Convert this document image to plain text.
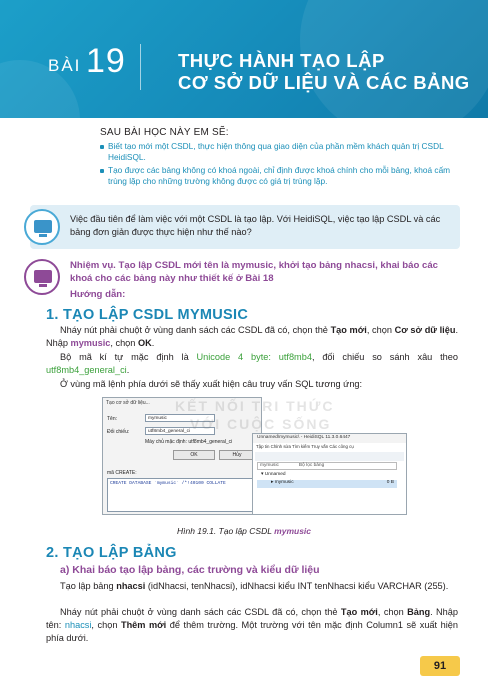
BÀI 19	THỰC HÀNH TẠO LẬP
CƠ SỞ DỮ LIỆU VÀ CÁC BẢNG
SAU BÀI HỌC NÀY EM SẼ:
Biết tạo mới một CSDL, thực hiện thông qua giao diện của phần mềm khách quản trị CSDL HeidiSQL.
Tạo được các bảng không có khoá ngoài, chỉ định được khoá chính cho mỗi bảng, khoá cấm trùng lặp cho những trường không được có giá trị trùng lặp.
Việc đầu tiên để làm việc với một CSDL là tạo lập. Với HeidiSQL, việc tạo lập CSDL và các bảng đơn giản được thực hiện như thế nào?
Nhiệm vụ. Tạo lập CSDL mới tên là mymusic, khởi tạo bảng nhacsi, khai báo các khoá cho các bảng này như thiết kế ở Bài 18
Hướng dẫn:
1. TẠO LẬP CSDL MYMUSIC
Nháy nút phải chuột ở vùng danh sách các CSDL đã có, chọn thẻ Tạo mới, chọn Cơ sở dữ liệu. Nhập mymusic, chọn OK.
Bộ mã kí tự mặc định là Unicode 4 byte: utf8mb4, đối chiếu so sánh xâu theo utf8mb4_general_ci.
Ở vùng mã lệnh phía dưới sẽ thấy xuất hiện câu truy vấn SQL tương ứng:
Tạo cơ sở dữ liệu...
Tên:	mymusic
Đối chiếu:	utf8mb4_general_ci
Máy chủ mặc định: utf8mb4_general_ci
OK	Hủy
mã CREATE:
CREATE DATABASE `mymusic` /*!40100 COLLATE
Unnamed\mymusic\ - HeidiSQL 11.3.0.6447
Tập tin Chỉnh sửa Tìm kiếm Truy vấn Các công cụ
mymusic	Bộ lọc bảng
▾ Unnamed
▸ mymusic	0 B
KẾT NỐI TRI THỨC
VỚI CUỘC SỐNG
Hình 19.1. Tạo lập CSDL mymusic
2. TẠO LẬP BẢNG
a) Khai báo tạo lập bảng, các trường và kiểu dữ liệu
Tạo lập bảng nhacsi (idNhacsi, tenNhacsi), idNhacsi kiểu INT tenNhacsi kiểu VARCHAR (255).
Nháy nút phải chuột ở vùng danh sách các CSDL đã có, chọn thẻ Tạo mới, chọn Bảng. Nhập tên: nhacsi, chọn Thêm mới để thêm trường. Một trường với tên mặc định Column1 sẽ xuất hiện phía dưới.
91
